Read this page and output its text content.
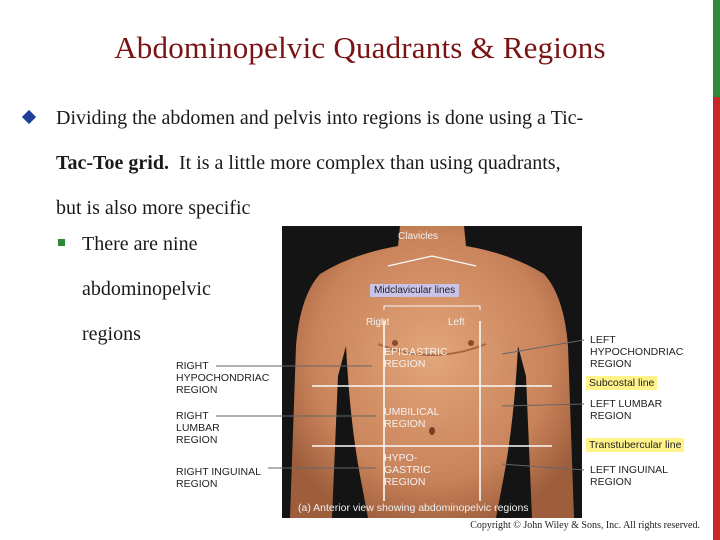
Abdominopelvic Quadrants & Regions
Dividing the abdomen and pelvis into regions is done using a Tic-
Tac-Toe grid. It is a little more complex than using quadrants,
but is also more specific
There are nine
abdominopelvic
regions
Clavicles
Midclavicular lines
Right	Left
EPIGASTRIC
REGION
UMBILICAL
REGION
HYPO-
GASTRIC
REGION
RIGHT
HYPOCHONDRIAC
REGION
RIGHT
LUMBAR
REGION
RIGHT INGUINAL
REGION
LEFT
HYPOCHONDRIAC
REGION
Subcostal line
LEFT LUMBAR
REGION
Transtubercular line
LEFT INGUINAL
REGION
(a) Anterior view showing abdominopelvic regions
Copyright © John Wiley & Sons, Inc. All rights reserved.
